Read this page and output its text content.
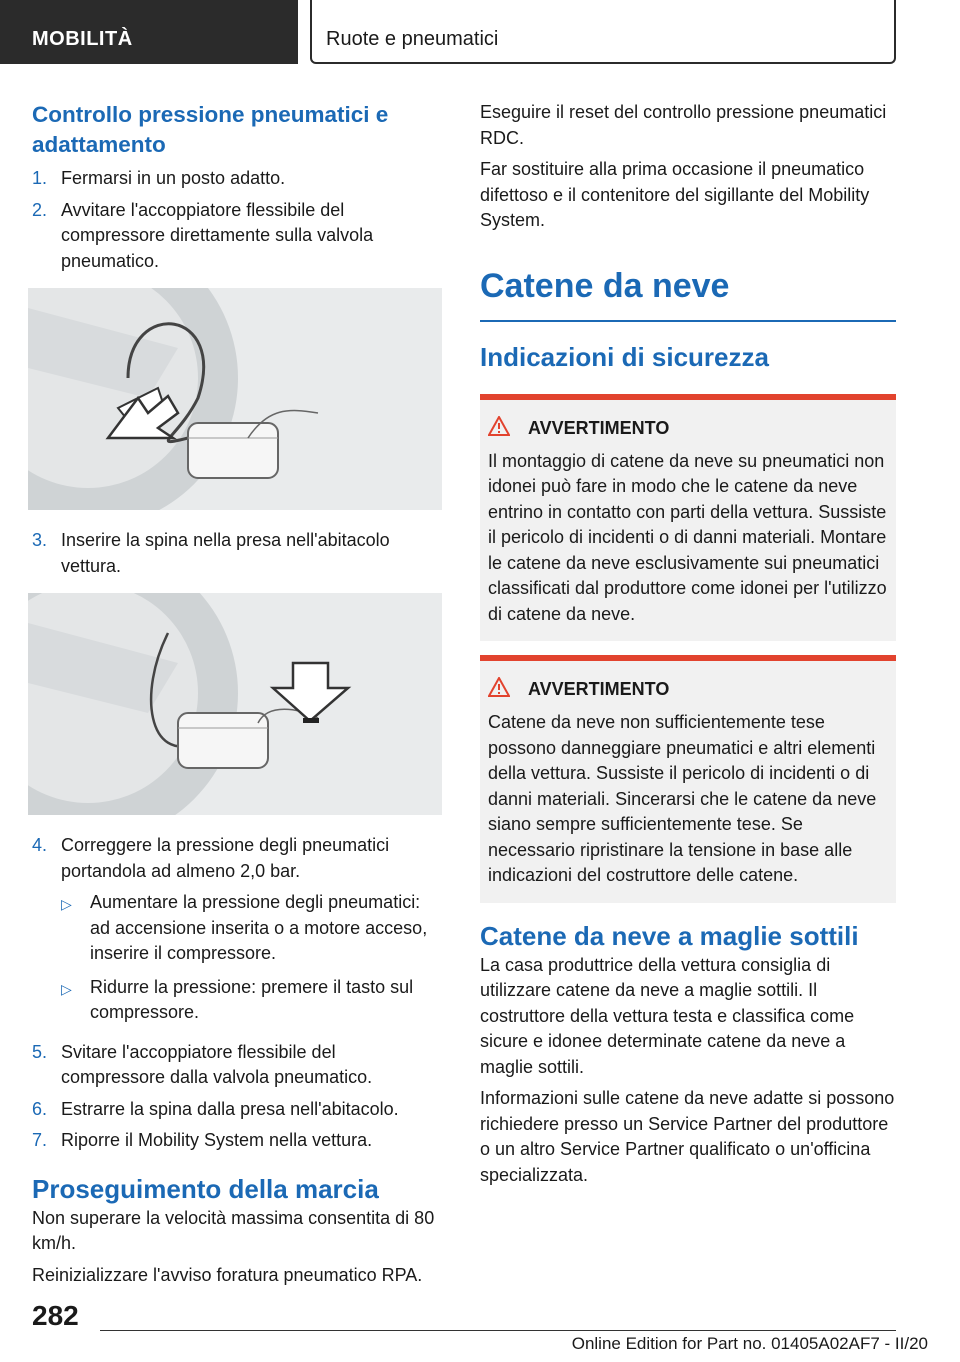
MOBILITÀ	Ruote e pneumatici
Controllo pressione pneumatici e adattamento
1. Fermarsi in un posto adatto.
2. Avvitare l'accoppiatore flessibile del compressore direttamente sulla valvola pneumatico.
3. Inserire la spina nella presa nell'abitacolo vettura.
4. Correggere la pressione degli pneumatici portandola ad almeno 2,0 bar.
▷	Aumentare la pressione degli pneumatici: ad accensione inserita o a motore acceso, inserire il compressore.
▷	Ridurre la pressione: premere il tasto sul compressore.
5. Svitare l'accoppiatore flessibile del compressore dalla valvola pneumatico.
6. Estrarre la spina dalla presa nell'abitacolo.
7. Riporre il Mobility System nella vettura.
Proseguimento della marcia

Non superare la velocità massima consentita di 80 km/h.

Reinizializzare l'avviso foratura pneumatico RPA.

Eseguire il reset del controllo pressione pneumatici RDC.

Far sostituire alla prima occasione il pneumatico difettoso e il contenitore del sigillante del Mobility System.

Catene da neve
Indicazioni di sicurezza
AVVERTIMENTO

Il montaggio di catene da neve su pneumatici non idonei può fare in modo che le catene da neve entrino in contatto con parti della vettura. Sussiste il pericolo di incidenti o di danni materiali. Montare le catene da neve esclusivamente sui pneumatici classificati dal produttore come idonei per l'utilizzo di catene da neve.

AVVERTIMENTO

Catene da neve non sufficientemente tese possono danneggiare pneumatici e altri elementi della vettura. Sussiste il pericolo di incidenti o di danni materiali. Sincerarsi che le catene da neve siano sempre sufficientemente tese. Se necessario ripristinare la tensione in base alle indicazioni del costruttore delle catene.

Catene da neve a maglie sottili

La casa produttrice della vettura consiglia di utilizzare catene da neve a maglie sottili. Il costruttore della vettura testa e classifica come sicure e idonee determinate catene da neve a maglie sottili.

Informazioni sulle catene da neve adatte si possono richiedere presso un Service Partner del produttore o un altro Service Partner qualificato o un'officina specializzata.

282
Online Edition for Part no. 01405A02AF7 - II/20
